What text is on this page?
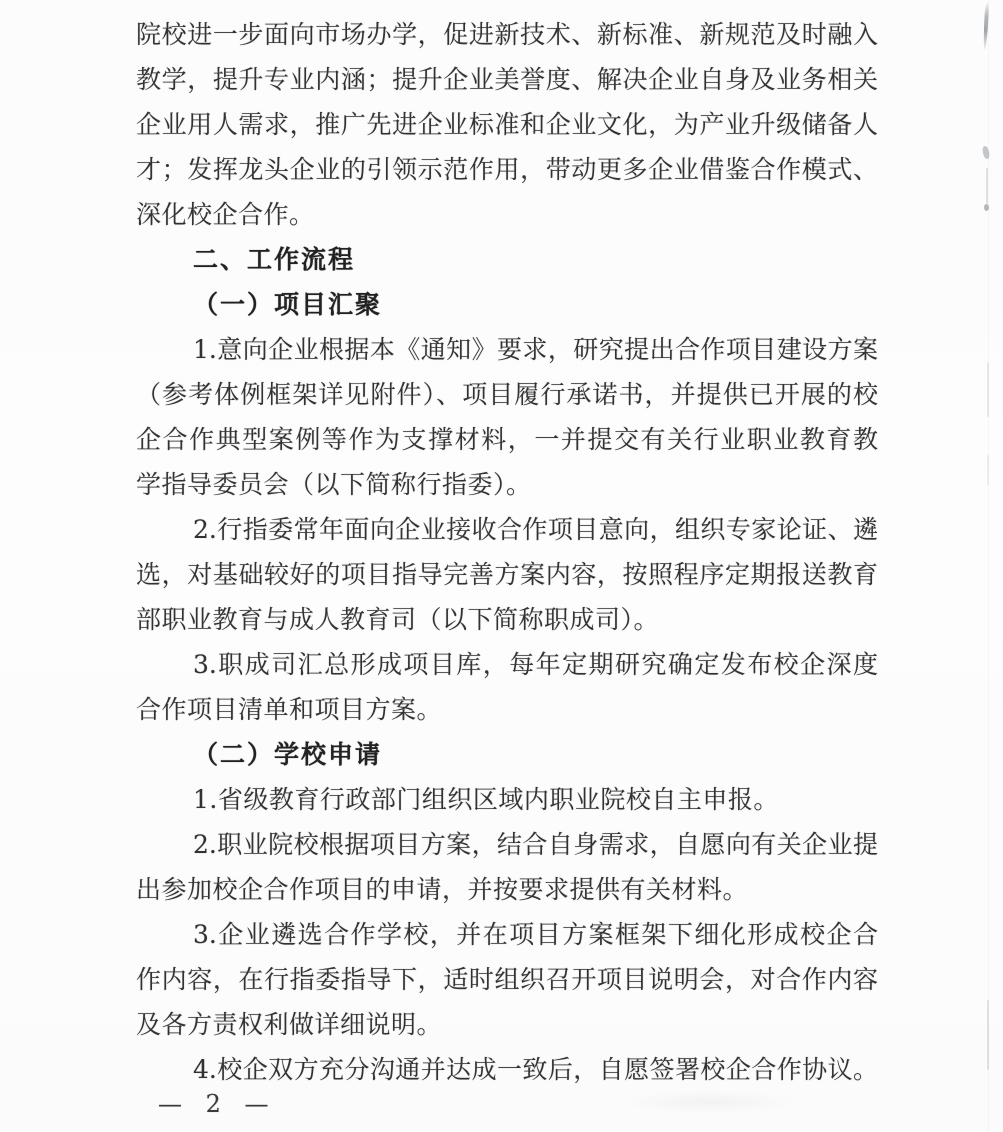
院校进一步面向市场办学，促进新技术、新标准、新规范及时融入
教学，提升专业内涵；提升企业美誉度、解决企业自身及业务相关
企业用人需求，推广先进企业标准和企业文化，为产业升级储备人
才；发挥龙头企业的引领示范作用，带动更多企业借鉴合作模式、
深化校企合作。
二、工作流程
（一）项目汇聚
1.意向企业根据本《通知》要求，研究提出合作项目建设方案
（参考体例框架详见附件）、项目履行承诺书，并提供已开展的校
企合作典型案例等作为支撑材料，一并提交有关行业职业教育教
学指导委员会（以下简称行指委）。
2.行指委常年面向企业接收合作项目意向，组织专家论证、遴
选，对基础较好的项目指导完善方案内容，按照程序定期报送教育
部职业教育与成人教育司（以下简称职成司）。
3.职成司汇总形成项目库，每年定期研究确定发布校企深度
合作项目清单和项目方案。
（二）学校申请
1.省级教育行政部门组织区域内职业院校自主申报。
2.职业院校根据项目方案，结合自身需求，自愿向有关企业提
出参加校企合作项目的申请，并按要求提供有关材料。
3.企业遴选合作学校，并在项目方案框架下细化形成校企合
作内容，在行指委指导下，适时组织召开项目说明会，对合作内容
及各方责权利做详细说明。
4.校企双方充分沟通并达成一致后，自愿签署校企合作协议。
— 2 —
